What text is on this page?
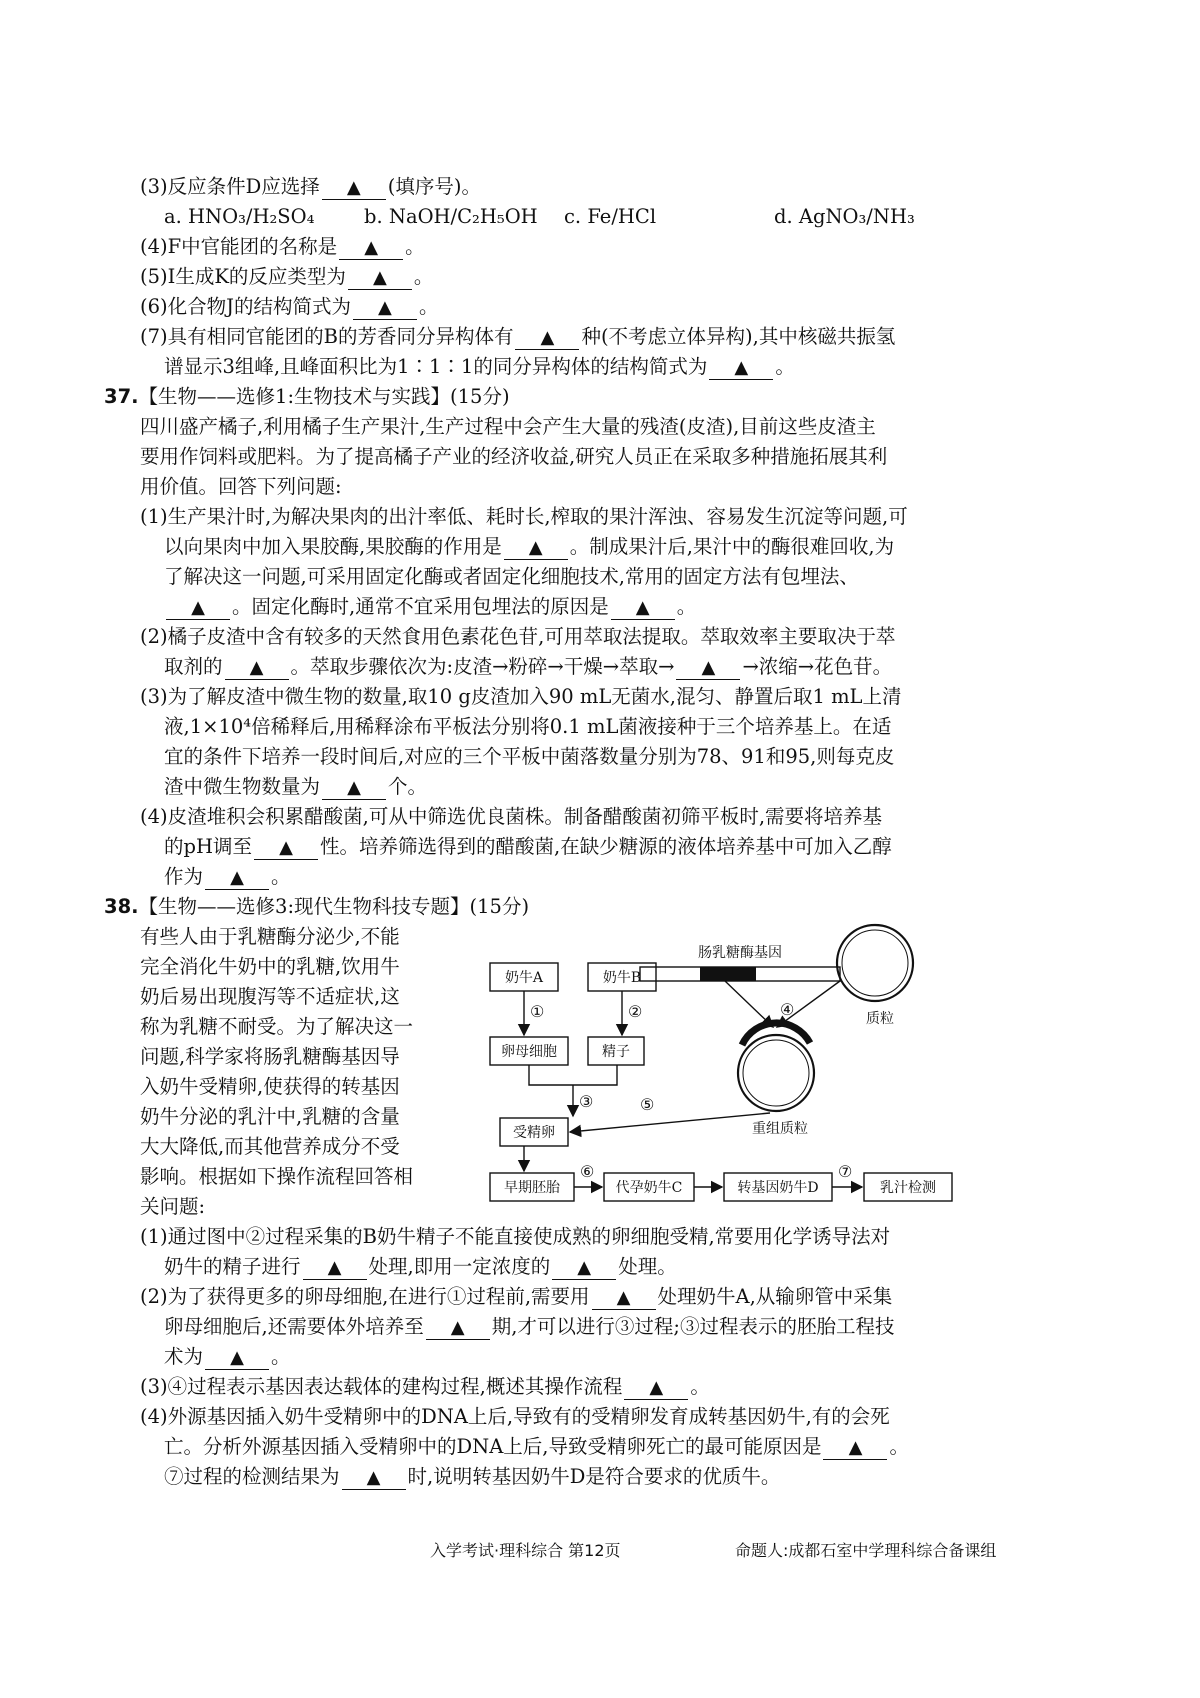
(3)反应条件D应选择 ▲ (填序号)。
a. HNO₃/H₂SO₄	b. NaOH/C₂H₅OH c. Fe/HCl	d. AgNO₃/NH₃
(4)F中官能团的名称是 ▲ 。
(5)I生成K的反应类型为 ▲ 。
(6)化合物J的结构简式为 ▲ 。
(7)具有相同官能团的B的芳香同分异构体有 ▲ 种(不考虑立体异构),其中核磁共振氢
谱显示3组峰,且峰面积比为1∶1∶1的同分异构体的结构简式为 ▲ 。
37.【生物——选修1:生物技术与实践】(15分)
四川盛产橘子,利用橘子生产果汁,生产过程中会产生大量的残渣(皮渣),目前这些皮渣主
要用作饲料或肥料。为了提高橘子产业的经济收益,研究人员正在采取多种措施拓展其利
用价值。回答下列问题:
(1)生产果汁时,为解决果肉的出汁率低、耗时长,榨取的果汁浑浊、容易发生沉淀等问题,可
以向果肉中加入果胶酶,果胶酶的作用是 ▲ 。制成果汁后,果汁中的酶很难回收,为
了解决这一问题,可采用固定化酶或者固定化细胞技术,常用的固定方法有包埋法、
▲ 。固定化酶时,通常不宜采用包埋法的原因是 ▲ 。
(2)橘子皮渣中含有较多的天然食用色素花色苷,可用萃取法提取。萃取效率主要取决于萃
取剂的 ▲ 。萃取步骤依次为:皮渣→粉碎→干燥→萃取→ ▲ →浓缩→花色苷。
(3)为了解皮渣中微生物的数量,取10 g皮渣加入90 mL无菌水,混匀、静置后取1 mL上清
液,1×10⁴倍稀释后,用稀释涂布平板法分别将0.1 mL菌液接种于三个培养基上。在适
宜的条件下培养一段时间后,对应的三个平板中菌落数量分别为78、91和95,则每克皮
渣中微生物数量为 ▲ 个。
(4)皮渣堆积会积累醋酸菌,可从中筛选优良菌株。制备醋酸菌初筛平板时,需要将培养基
的pH调至 ▲ 性。培养筛选得到的醋酸菌,在缺少糖源的液体培养基中可加入乙醇
作为 ▲ 。
38.【生物——选修3:现代生物科技专题】(15分)
有些人由于乳糖酶分泌少,不能
完全消化牛奶中的乳糖,饮用牛
奶后易出现腹泻等不适症状,这
称为乳糖不耐受。为了解决这一
问题,科学家将肠乳糖酶基因导
入奶牛受精卵,使获得的转基因
奶牛分泌的乳汁中,乳糖的含量
大大降低,而其他营养成分不受
影响。根据如下操作流程回答相
关问题:
奶牛A	奶牛B
卵母细胞	精子
受精卵
早期胚胎	代孕奶牛C	转基因奶牛D	乳汁检测
肠乳糖酶基因
质粒
重组质粒
①	②
③
④
⑤
⑥	⑦
(1)通过图中②过程采集的B奶牛精子不能直接使成熟的卵细胞受精,常要用化学诱导法对
奶牛的精子进行 ▲ 处理,即用一定浓度的 ▲ 处理。
(2)为了获得更多的卵母细胞,在进行①过程前,需要用 ▲ 处理奶牛A,从输卵管中采集
卵母细胞后,还需要体外培养至 ▲ 期,才可以进行③过程;③过程表示的胚胎工程技
术为 ▲ 。
(3)④过程表示基因表达载体的建构过程,概述其操作流程 ▲ 。
(4)外源基因插入奶牛受精卵中的DNA上后,导致有的受精卵发育成转基因奶牛,有的会死
亡。分析外源基因插入受精卵中的DNA上后,导致受精卵死亡的最可能原因是 ▲ 。
⑦过程的检测结果为 ▲ 时,说明转基因奶牛D是符合要求的优质牛。
入学考试·理科综合 第12页	命题人:成都石室中学理科综合备课组
